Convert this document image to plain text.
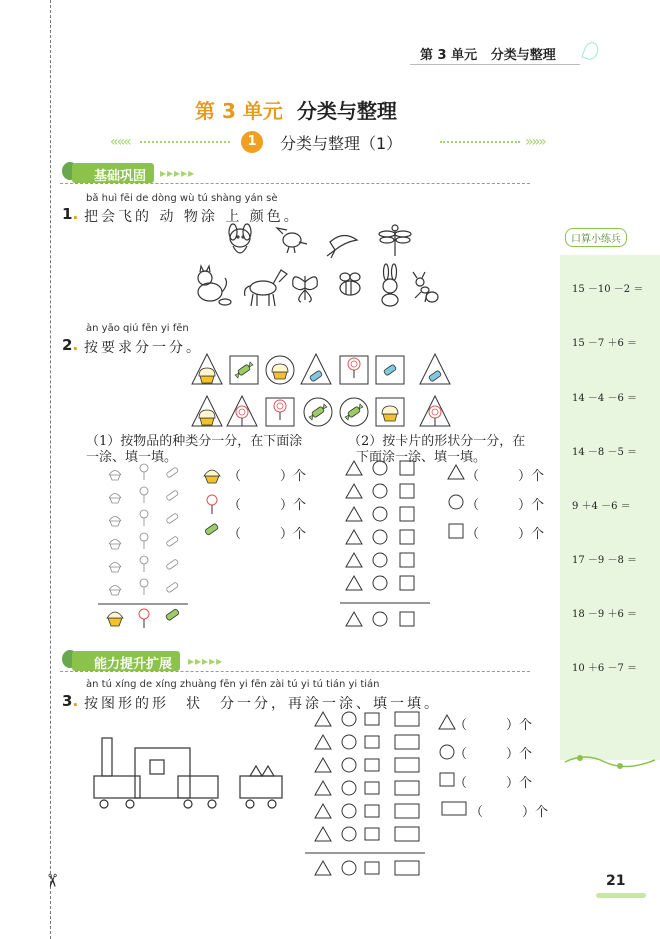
✂
第 3 单元 分类与整理
第 3 单元 分类与整理
«««	»»»
1	分类与整理（1）
基础巩固	▸▸▸▸▸
bǎ huì fēi de dòng wù tú shàng yán sè
1. 把会飞的 动 物涂 上 颜色。
àn yāo qiú fēn yi fēn
2. 按要求分一分。
（1）按物品的种类分一分，在下面涂
一涂、填一填。
（2）按卡片的形状分一分，在
下面涂一涂、填一填。
（　　　）个
（　　　）个
（　　　）个
（　　　）个
（　　　）个
（　　　）个
能力提升扩展	▸▸▸▸▸
àn tú xíng de xíng zhuàng fēn yi fēn zài tú yi tú tián yi tián
3. 按图形的形　状　分一分，再涂一涂、填一填。
（　　　）个
（　　　）个
（　　　）个
（　　　）个
口算小练兵
15 －10 －2 ＝
15 －7 ＋6 ＝
14 －4 －6 ＝
14 －8 －5 ＝
9 ＋4 －6 ＝
17 －9 －8 ＝
18 －9 ＋6 ＝
10 ＋6 －7 ＝
21
